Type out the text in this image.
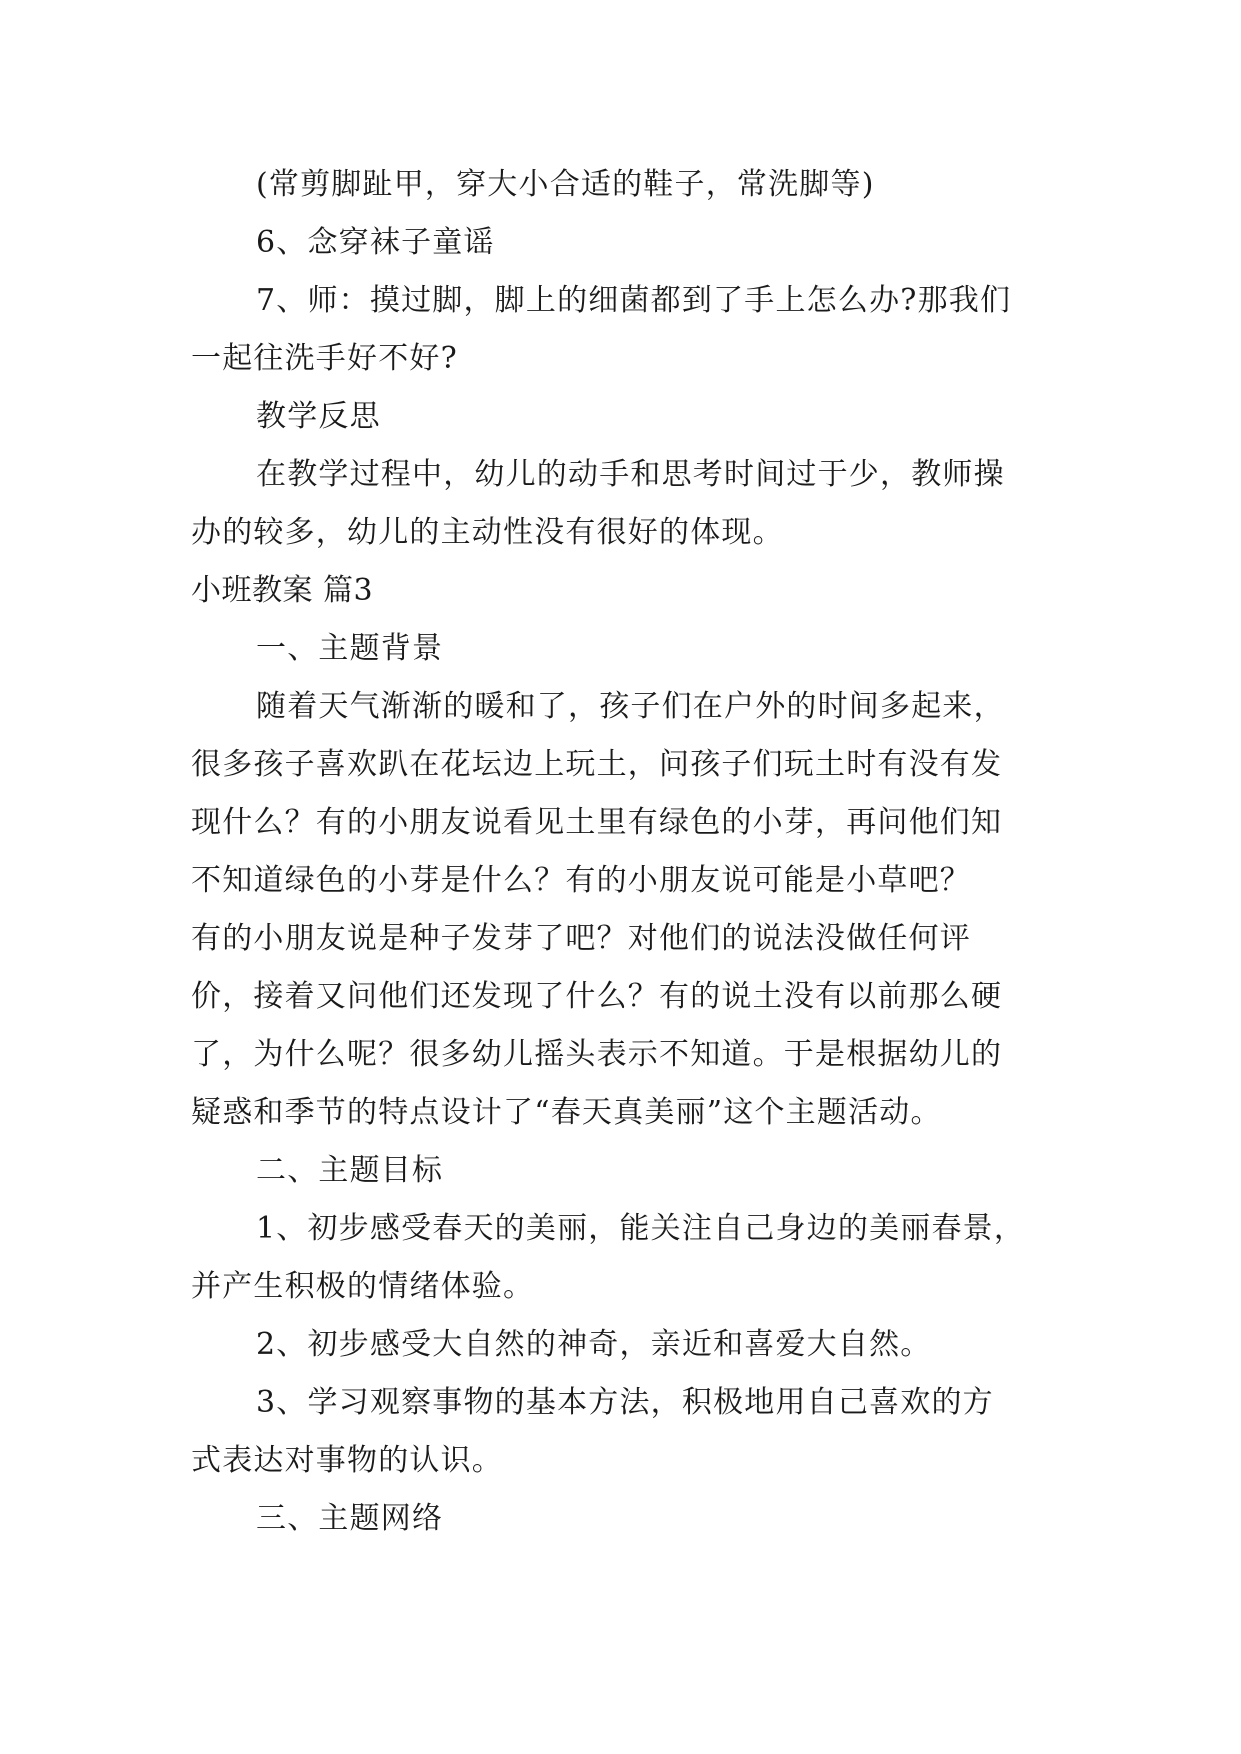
(常剪脚趾甲，穿大小合适的鞋子，常洗脚等)
6、念穿袜子童谣
7、师：摸过脚，脚上的细菌都到了手上怎么办?那我们
一起往洗手好不好?
教学反思
在教学过程中，幼儿的动手和思考时间过于少，教师操
办的较多，幼儿的主动性没有很好的体现。
小班教案 篇3
一、主题背景
随着天气渐渐的暖和了，孩子们在户外的时间多起来，
很多孩子喜欢趴在花坛边上玩土，问孩子们玩土时有没有发
现什么？有的小朋友说看见土里有绿色的小芽，再问他们知
不知道绿色的小芽是什么？有的小朋友说可能是小草吧？
有的小朋友说是种子发芽了吧？对他们的说法没做任何评
价，接着又问他们还发现了什么？有的说土没有以前那么硬
了，为什么呢？很多幼儿摇头表示不知道。于是根据幼儿的
疑惑和季节的特点设计了“春天真美丽”这个主题活动。
二、主题目标
1、初步感受春天的美丽，能关注自己身边的美丽春景，
并产生积极的情绪体验。
2、初步感受大自然的神奇，亲近和喜爱大自然。
3、学习观察事物的基本方法，积极地用自己喜欢的方
式表达对事物的认识。
三、主题网络
